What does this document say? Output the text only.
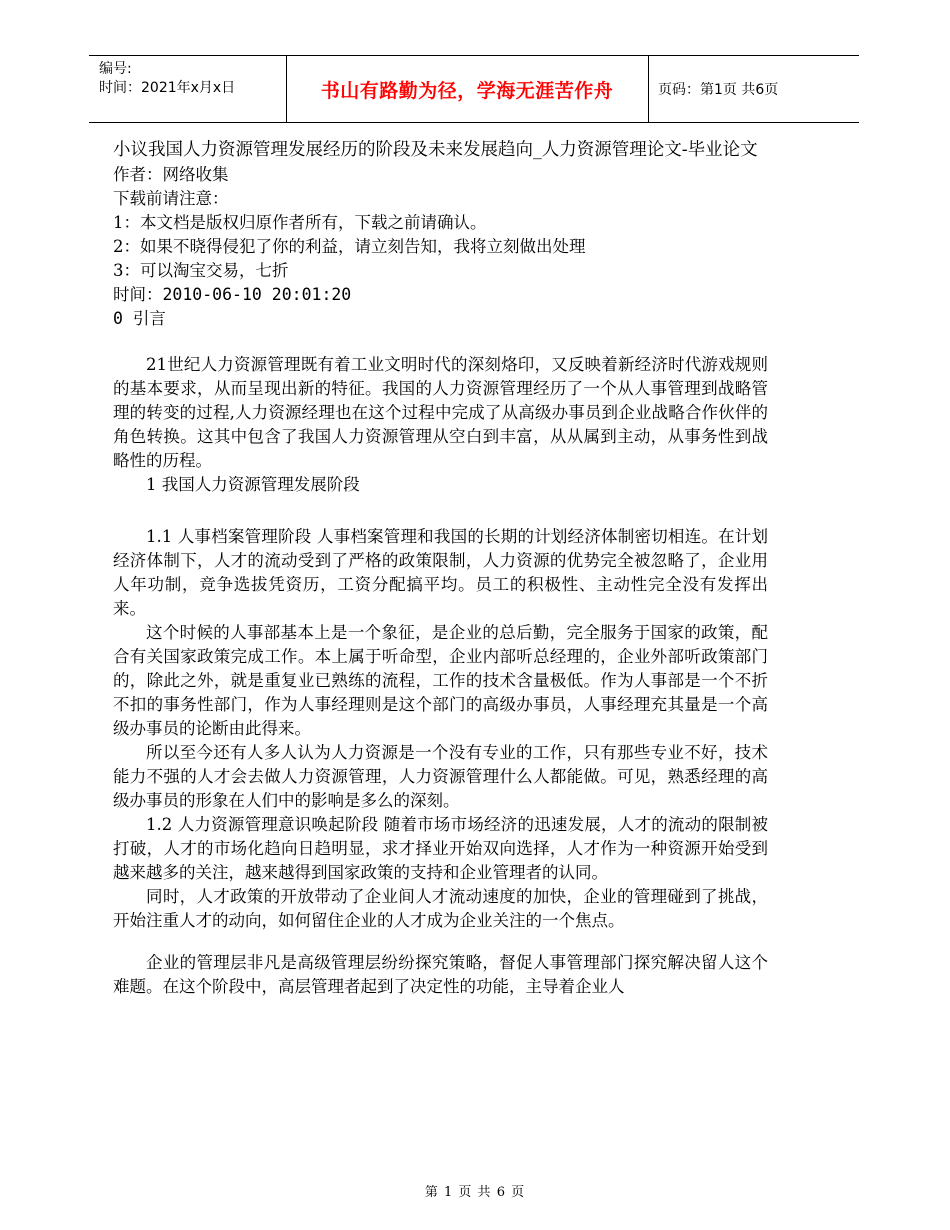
编号:
时间：2021年x月x日	书山有路勤为径，学海无涯苦作舟	页码：第1页 共6页
小议我国人力资源管理发展经历的阶段及未来发展趋向_人力资源管理论文-毕业论文
作者：网络收集
下载前请注意：
1：本文档是版权归原作者所有，下载之前请确认。
2：如果不晓得侵犯了你的利益，请立刻告知，我将立刻做出处理
3：可以淘宝交易，七折
时间：2010-06-10 20:01:20
0 引言

21世纪人力资源管理既有着工业文明时代的深刻烙印，又反映着新经济时代游戏规则的基本要求，从而呈现出新的特征。我国的人力资源管理经历了一个从人事管理到战略管理的转变的过程,人力资源经理也在这个过程中完成了从高级办事员到企业战略合作伙伴的角色转换。这其中包含了我国人力资源管理从空白到丰富，从从属到主动，从事务性到战略性的历程。

1 我国人力资源管理发展阶段

1.1 人事档案管理阶段 人事档案管理和我国的长期的计划经济体制密切相连。在计划经济体制下，人才的流动受到了严格的政策限制，人力资源的优势完全被忽略了，企业用人年功制，竞争选拔凭资历，工资分配搞平均。员工的积极性、主动性完全没有发挥出来。

这个时候的人事部基本上是一个象征，是企业的总后勤，完全服务于国家的政策，配合有关国家政策完成工作。本上属于听命型，企业内部听总经理的，企业外部听政策部门的，除此之外，就是重复业已熟练的流程，工作的技术含量极低。作为人事部是一个不折不扣的事务性部门，作为人事经理则是这个部门的高级办事员，人事经理充其量是一个高级办事员的论断由此得来。

所以至今还有人多人认为人力资源是一个没有专业的工作，只有那些专业不好，技术能力不强的人才会去做人力资源管理，人力资源管理什么人都能做。可见，熟悉经理的高级办事员的形象在人们中的影响是多么的深刻。

1.2 人力资源管理意识唤起阶段 随着市场市场经济的迅速发展，人才的流动的限制被打破，人才的市场化趋向日趋明显，求才择业开始双向选择，人才作为一种资源开始受到越来越多的关注，越来越得到国家政策的支持和企业管理者的认同。

同时，人才政策的开放带动了企业间人才流动速度的加快，企业的管理碰到了挑战，开始注重人才的动向，如何留住企业的人才成为企业关注的一个焦点。

企业的管理层非凡是高级管理层纷纷探究策略，督促人事管理部门探究解决留人这个难题。在这个阶段中，高层管理者起到了决定性的功能，主导着企业人

第 1 页 共 6 页
